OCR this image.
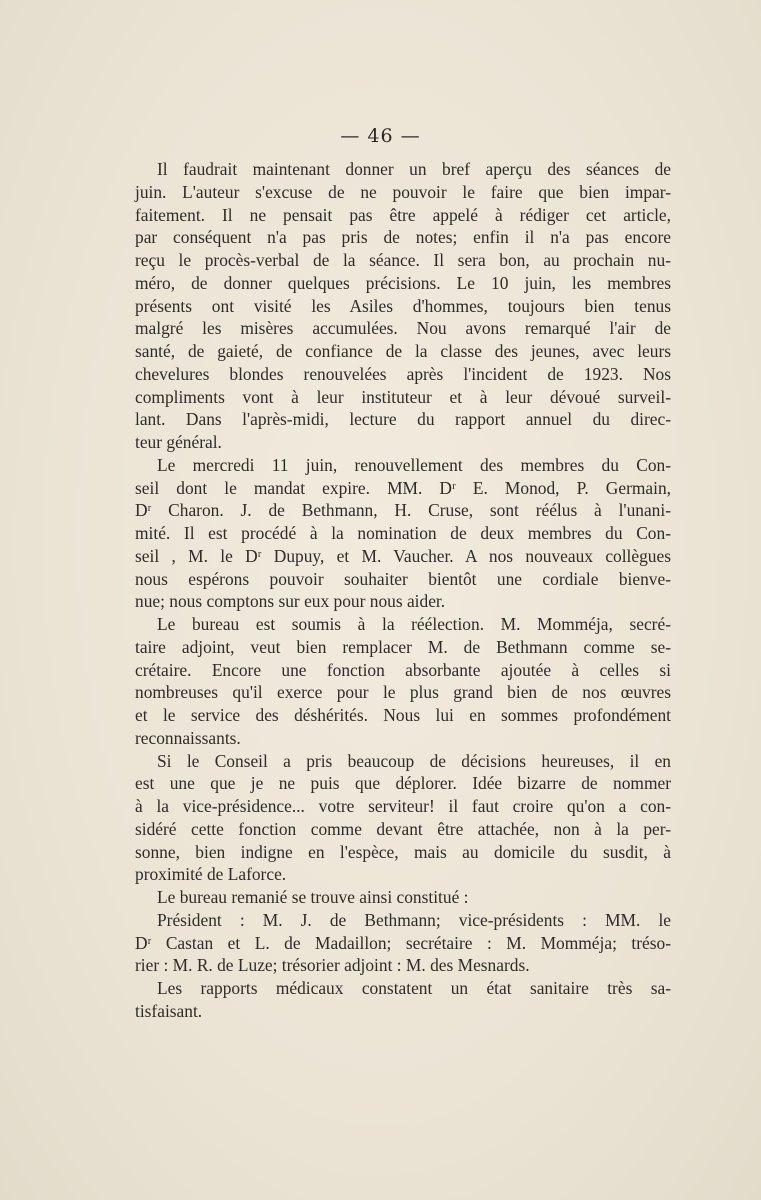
— 46 —
Il faudrait maintenant donner un bref aperçu des séances de
juin. L'auteur s'excuse de ne pouvoir le faire que bien impar-
faitement. Il ne pensait pas être appelé à rédiger cet article,
par conséquent n'a pas pris de notes; enfin il n'a pas encore
reçu le procès-verbal de la séance. Il sera bon, au prochain nu-
méro, de donner quelques précisions. Le 10 juin, les membres
présents ont visité les Asiles d'hommes, toujours bien tenus
malgré les misères accumulées. Nou avons remarqué l'air de
santé, de gaieté, de confiance de la classe des jeunes, avec leurs
chevelures blondes renouvelées après l'incident de 1923. Nos
compliments vont à leur instituteur et à leur dévoué surveil-
lant. Dans l'après-midi, lecture du rapport annuel du direc-
teur général.
Le mercredi 11 juin, renouvellement des membres du Con-
seil dont le mandat expire. MM. Dʳ E. Monod, P. Germain,
Dʳ Charon. J. de Bethmann, H. Cruse, sont réélus à l'unani-
mité. Il est procédé à la nomination de deux membres du Con-
seil , M. le Dʳ Dupuy, et M. Vaucher. A nos nouveaux collègues
nous espérons pouvoir souhaiter bientôt une cordiale bienve-
nue; nous comptons sur eux pour nous aider.
Le bureau est soumis à la réélection. M. Momméja, secré-
taire adjoint, veut bien remplacer M. de Bethmann comme se-
crétaire. Encore une fonction absorbante ajoutée à celles si
nombreuses qu'il exerce pour le plus grand bien de nos œuvres
et le service des déshérités. Nous lui en sommes profondément
reconnaissants.
Si le Conseil a pris beaucoup de décisions heureuses, il en
est une que je ne puis que déplorer. Idée bizarre de nommer
à la vice-présidence... votre serviteur! il faut croire qu'on a con-
sidéré cette fonction comme devant être attachée, non à la per-
sonne, bien indigne en l'espèce, mais au domicile du susdit, à
proximité de Laforce.
Le bureau remanié se trouve ainsi constitué :
Président : M. J. de Bethmann; vice-présidents : MM. le
Dʳ Castan et L. de Madaillon; secrétaire : M. Momméja; tréso-
rier : M. R. de Luze; trésorier adjoint : M. des Mesnards.
Les rapports médicaux constatent un état sanitaire très sa-
tisfaisant.
